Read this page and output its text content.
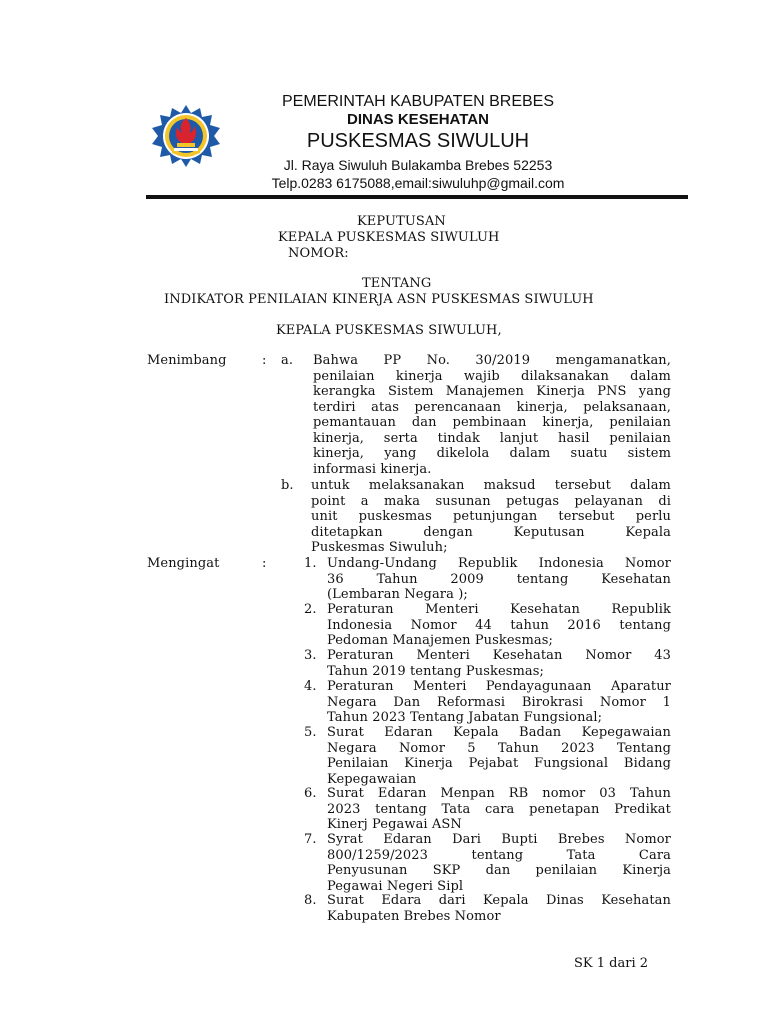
PEMERINTAH KABUPATEN BREBES
DINAS KESEHATAN
PUSKESMAS SIWULUH
Jl. Raya Siwuluh Bulakamba Brebes 52253
Telp.0283 6175088,email:siwuluhp@gmail.com
KEPUTUSAN
KEPALA PUSKESMAS SIWULUH
NOMOR:
TENTANG
INDIKATOR PENILAIAN KINERJA ASN PUSKESMAS SIWULUH
KEPALA PUSKESMAS SIWULUH,
Menimbang	: a.
b.
Mengingat	:
SK 1 dari 2
Bahwa PP No. 30/2019 mengamanatkan,
penilaian kinerja wajib dilaksanakan dalam
kerangka Sistem Manajemen Kinerja PNS yang
terdiri atas perencanaan kinerja, pelaksanaan,
pemantauan dan pembinaan kinerja, penilaian
kinerja, serta tindak lanjut hasil penilaian
kinerja, yang dikelola dalam suatu sistem
informasi kinerja.
untuk melaksanakan maksud tersebut dalam
point a maka susunan petugas pelayanan di
unit puskesmas petunjungan tersebut perlu
ditetapkan dengan Keputusan Kepala
Puskesmas Siwuluh;
1. Undang-Undang Republik Indonesia Nomor
36 Tahun 2009 tentang Kesehatan
(Lembaran Negara );
2. Peraturan Menteri Kesehatan Republik
Indonesia Nomor 44 tahun 2016 tentang
Pedoman Manajemen Puskesmas;
3. Peraturan Menteri Kesehatan Nomor 43
Tahun 2019 tentang Puskesmas;
4. Peraturan Menteri Pendayagunaan Aparatur
Negara Dan Reformasi Birokrasi Nomor 1
Tahun 2023 Tentang Jabatan Fungsional;
5. Surat Edaran Kepala Badan Kepegawaian
Negara Nomor 5 Tahun 2023 Tentang
Penilaian Kinerja Pejabat Fungsional Bidang
Kepegawaian
6. Surat Edaran Menpan RB nomor 03 Tahun
2023 tentang Tata cara penetapan Predikat
Kinerj Pegawai ASN
7. Syrat Edaran Dari Bupti Brebes Nomor
800/1259/2023 tentang Tata Cara
Penyusunan SKP dan penilaian Kinerja
Pegawai Negeri Sipl
8. Surat Edara dari Kepala Dinas Kesehatan
Kabupaten Brebes Nomor
